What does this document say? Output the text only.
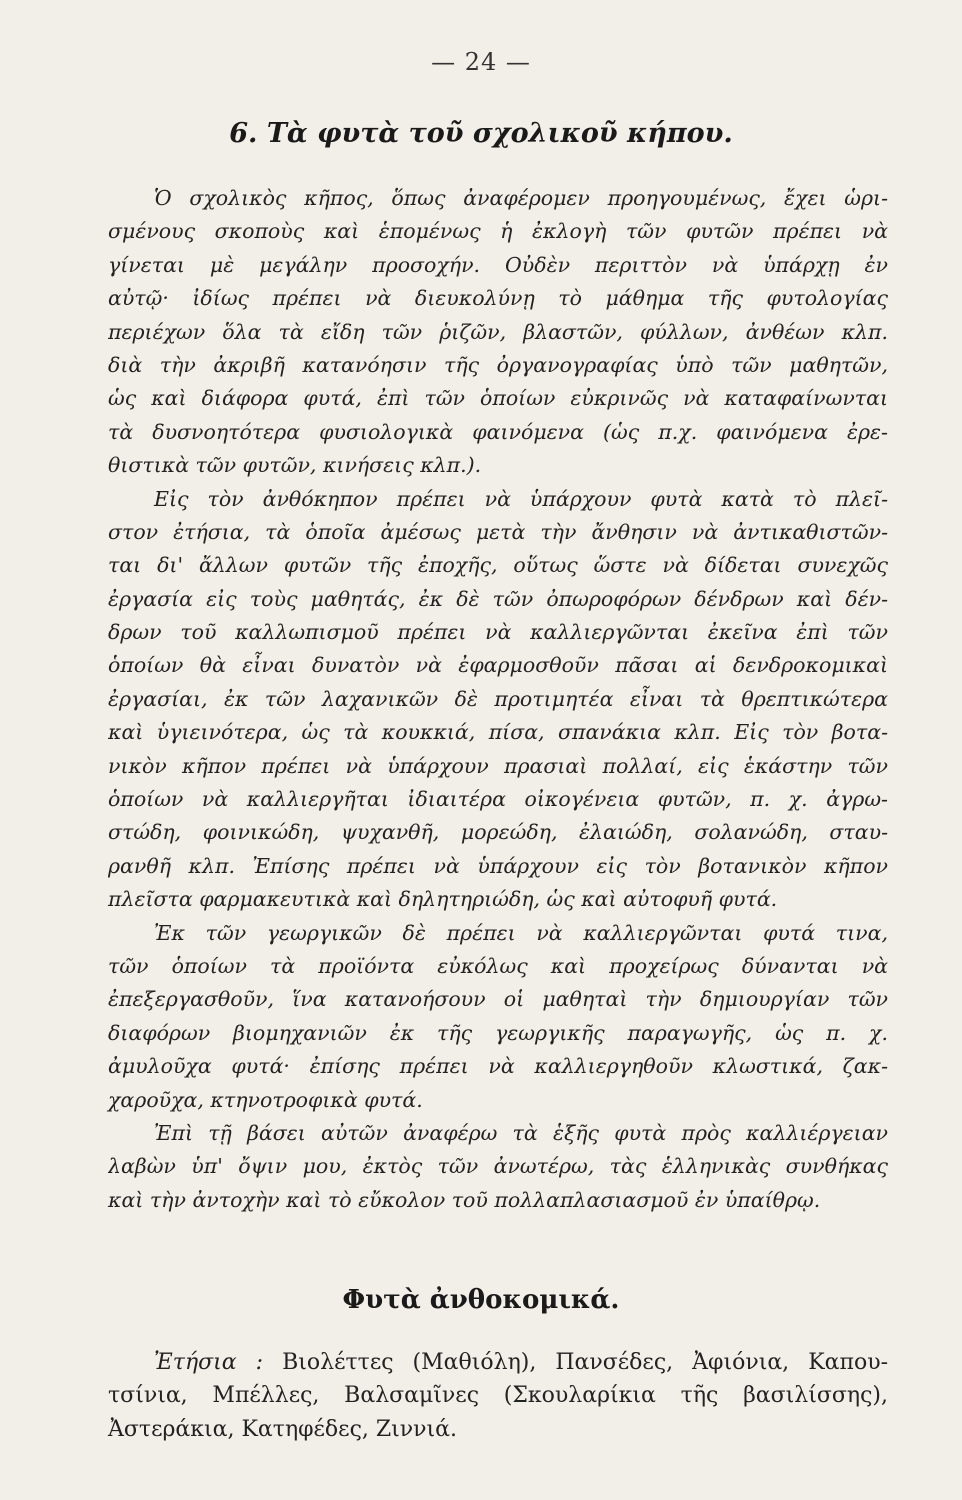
— 24 —
6. Τὰ φυτὰ τοῦ σχολικοῦ κήπου.
Ὁ σχολικὸς κῆπος, ὅπως ἀναφέρομεν προηγουμένως, ἔχει ὡρι-
σμένους σκοποὺς καὶ ἑπομένως ἡ ἐκλογὴ τῶν φυτῶν πρέπει νὰ
γίνεται μὲ μεγάλην προσοχήν. Οὐδὲν περιττὸν νὰ ὑπάρχῃ ἐν
αὐτῷ· ἰδίως πρέπει νὰ διευκολύνῃ τὸ μάθημα τῆς φυτολογίας
περιέχων ὅλα τὰ εἴδη τῶν ῥιζῶν, βλαστῶν, φύλλων, ἀνθέων κλπ.
διὰ τὴν ἀκριβῆ κατανόησιν τῆς ὀργανογραφίας ὑπὸ τῶν μαθητῶν,
ὡς καὶ διάφορα φυτά, ἐπὶ τῶν ὁποίων εὐκρινῶς νὰ καταφαίνωνται
τὰ δυσνοητότερα φυσιολογικὰ φαινόμενα (ὡς π.χ. φαινόμενα ἐρε-
θιστικὰ τῶν φυτῶν, κινήσεις κλπ.).
Εἰς τὸν ἀνθόκηπον πρέπει νὰ ὑπάρχουν φυτὰ κατὰ τὸ πλεῖ-
στον ἐτήσια, τὰ ὁποῖα ἀμέσως μετὰ τὴν ἄνθησιν νὰ ἀντικαθιστῶν-
ται δι' ἄλλων φυτῶν τῆς ἐποχῆς, οὕτως ὥστε νὰ δίδεται συνεχῶς
ἐργασία εἰς τοὺς μαθητάς, ἐκ δὲ τῶν ὀπωροφόρων δένδρων καὶ δέν-
δρων τοῦ καλλωπισμοῦ πρέπει νὰ καλλιεργῶνται ἐκεῖνα ἐπὶ τῶν
ὁποίων θὰ εἶναι δυνατὸν νὰ ἐφαρμοσθοῦν πᾶσαι αἱ δενδροκομικαὶ
ἐργασίαι, ἐκ τῶν λαχανικῶν δὲ προτιμητέα εἶναι τὰ θρεπτικώτερα
καὶ ὑγιεινότερα, ὡς τὰ κουκκιά, πίσα, σπανάκια κλπ. Εἰς τὸν βοτα-
νικὸν κῆπον πρέπει νὰ ὑπάρχουν πρασιαὶ πολλαί, εἰς ἑκάστην τῶν
ὁποίων νὰ καλλιεργῆται ἰδιαιτέρα οἰκογένεια φυτῶν, π. χ. ἀγρω-
στώδη, φοινικώδη, ψυχανθῆ, μορεώδη, ἐλαιώδη, σολανώδη, σταυ-
ρανθῆ κλπ. Ἐπίσης πρέπει νὰ ὑπάρχουν εἰς τὸν βοτανικὸν κῆπον
πλεῖστα φαρμακευτικὰ καὶ δηλητηριώδη, ὡς καὶ αὐτοφυῆ φυτά.
Ἐκ τῶν γεωργικῶν δὲ πρέπει νὰ καλλιεργῶνται φυτά τινα,
τῶν ὁποίων τὰ προϊόντα εὐκόλως καὶ προχείρως δύνανται νὰ
ἐπεξεργασθοῦν, ἵνα κατανοήσουν οἱ μαθηταὶ τὴν δημιουργίαν τῶν
διαφόρων βιομηχανιῶν ἐκ τῆς γεωργικῆς παραγωγῆς, ὡς π. χ.
ἀμυλοῦχα φυτά· ἐπίσης πρέπει νὰ καλλιεργηθοῦν κλωστικά, ζακ-
χαροῦχα, κτηνοτροφικὰ φυτά.
Ἐπὶ τῇ βάσει αὐτῶν ἀναφέρω τὰ ἑξῆς φυτὰ πρὸς καλλιέργειαν
λαβὼν ὑπ' ὄψιν μου, ἐκτὸς τῶν ἀνωτέρω, τὰς ἑλληνικὰς συνθήκας
καὶ τὴν ἀντοχὴν καὶ τὸ εὔκολον τοῦ πολλαπλασιασμοῦ ἐν ὑπαίθρῳ.
Φυτὰ ἀνθοκομικά.
Ἐτήσια : Βιολέττες (Μαθιόλη), Πανσέδες, Ἀφιόνια, Καπου-
τσίνια, Μπέλλες, Βαλσαμῖνες (Σκουλαρίκια τῆς βασιλίσσης),
Ἀστεράκια, Κατηφέδες, Ζιννιά.
